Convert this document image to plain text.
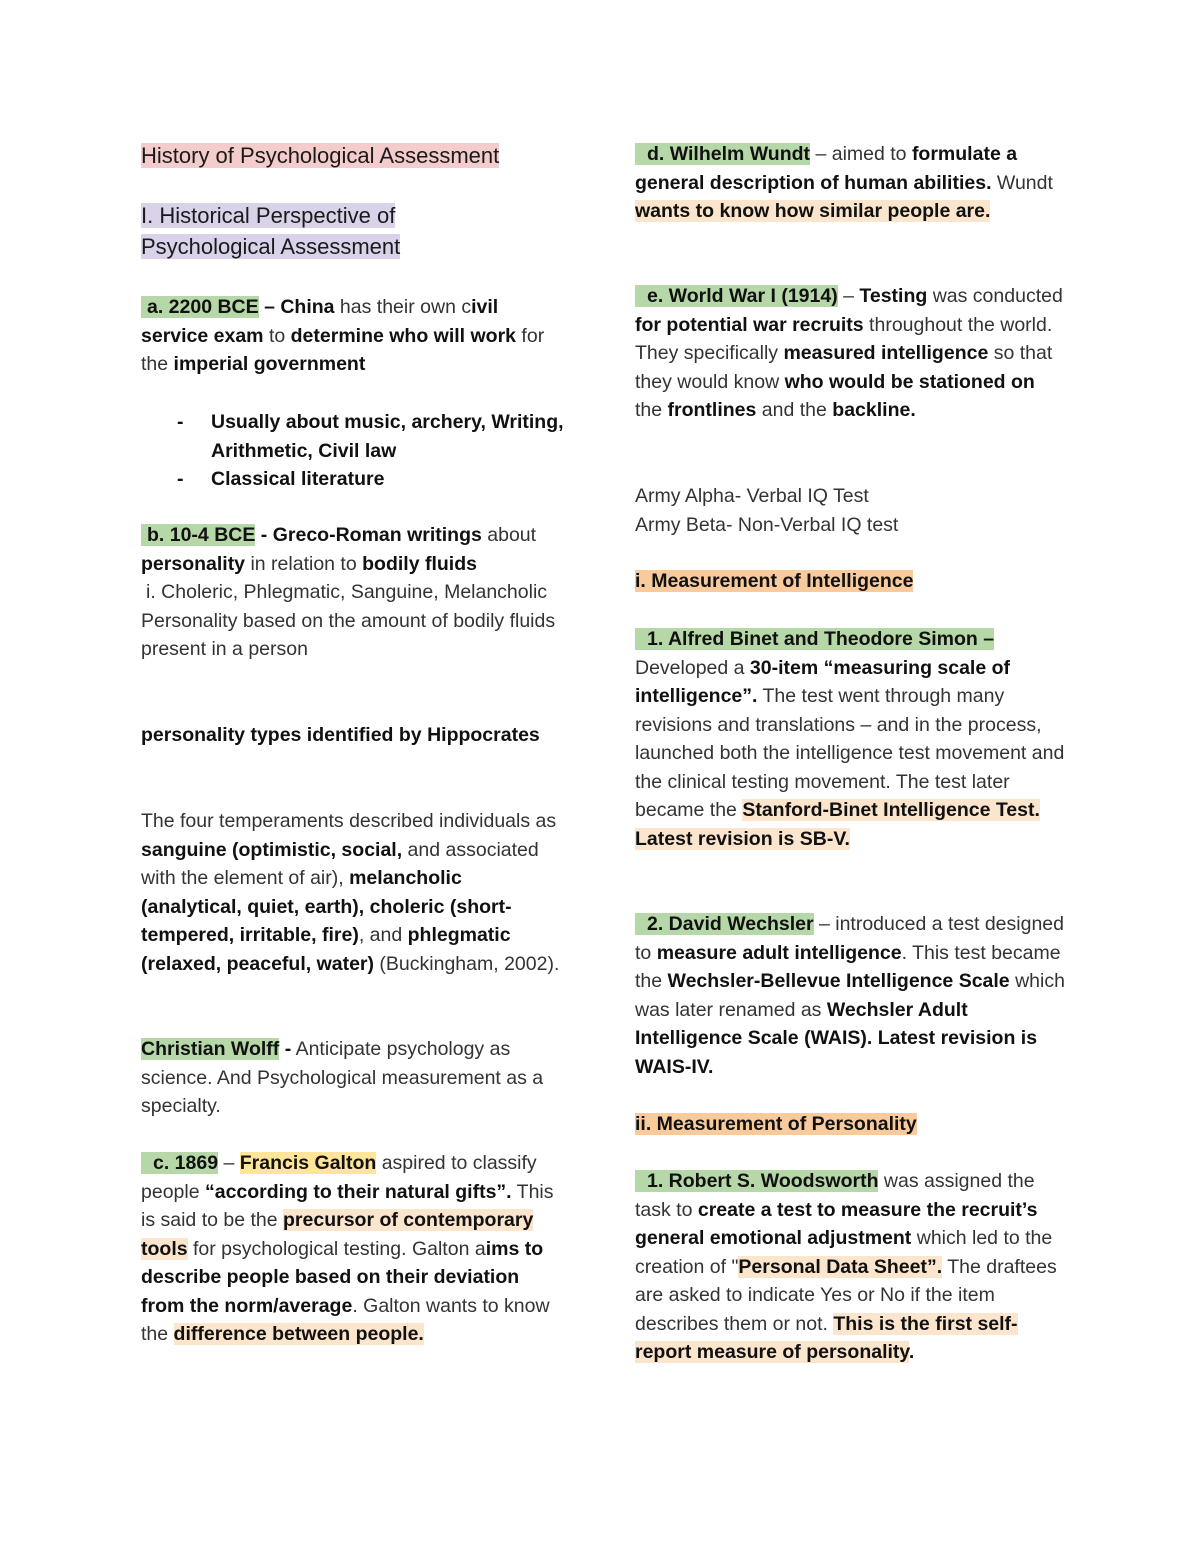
History of Psychological Assessment
I. Historical Perspective of
Psychological Assessment
a. 2200 BCE – China has their own civil service exam to determine who will work for the imperial government
- Usually about music, archery, Writing, Arithmetic, Civil law
- Classical literature
b. 10-4 BCE - Greco-Roman writings about personality in relation to bodily fluids
i. Choleric, Phlegmatic, Sanguine, Melancholic Personality based on the amount of bodily fluids present in a person
personality types identified by Hippocrates
The four temperaments described individuals as sanguine (optimistic, social, and associated with the element of air), melancholic (analytical, quiet, earth), choleric (short-tempered, irritable, fire), and phlegmatic (relaxed, peaceful, water) (Buckingham, 2002).
Christian Wolff - Anticipate psychology as science. And Psychological measurement as a specialty.
c. 1869 – Francis Galton aspired to classify people “according to their natural gifts”. This is said to be the precursor of contemporary tools for psychological testing. Galton aims to describe people based on their deviation from the norm/average. Galton wants to know the difference between people.
d. Wilhelm Wundt – aimed to formulate a general description of human abilities. Wundt wants to know how similar people are.
e. World War I (1914) – Testing was conducted for potential war recruits throughout the world. They specifically measured intelligence so that they would know who would be stationed on the frontlines and the backline.
Army Alpha- Verbal IQ Test
Army Beta- Non-Verbal IQ test
i. Measurement of Intelligence
1. Alfred Binet and Theodore Simon – Developed a 30-item “measuring scale of intelligence”. The test went through many revisions and translations – and in the process, launched both the intelligence test movement and the clinical testing movement. The test later became the Stanford-Binet Intelligence Test. Latest revision is SB-V.
2. David Wechsler – introduced a test designed to measure adult intelligence. This test became the Wechsler-Bellevue Intelligence Scale which was later renamed as Wechsler Adult Intelligence Scale (WAIS). Latest revision is WAIS-IV.
ii. Measurement of Personality
1. Robert S. Woodsworth was assigned the task to create a test to measure the recruit’s general emotional adjustment which led to the creation of "Personal Data Sheet”. The draftees are asked to indicate Yes or No if the item describes them or not. This is the first self-report measure of personality.
